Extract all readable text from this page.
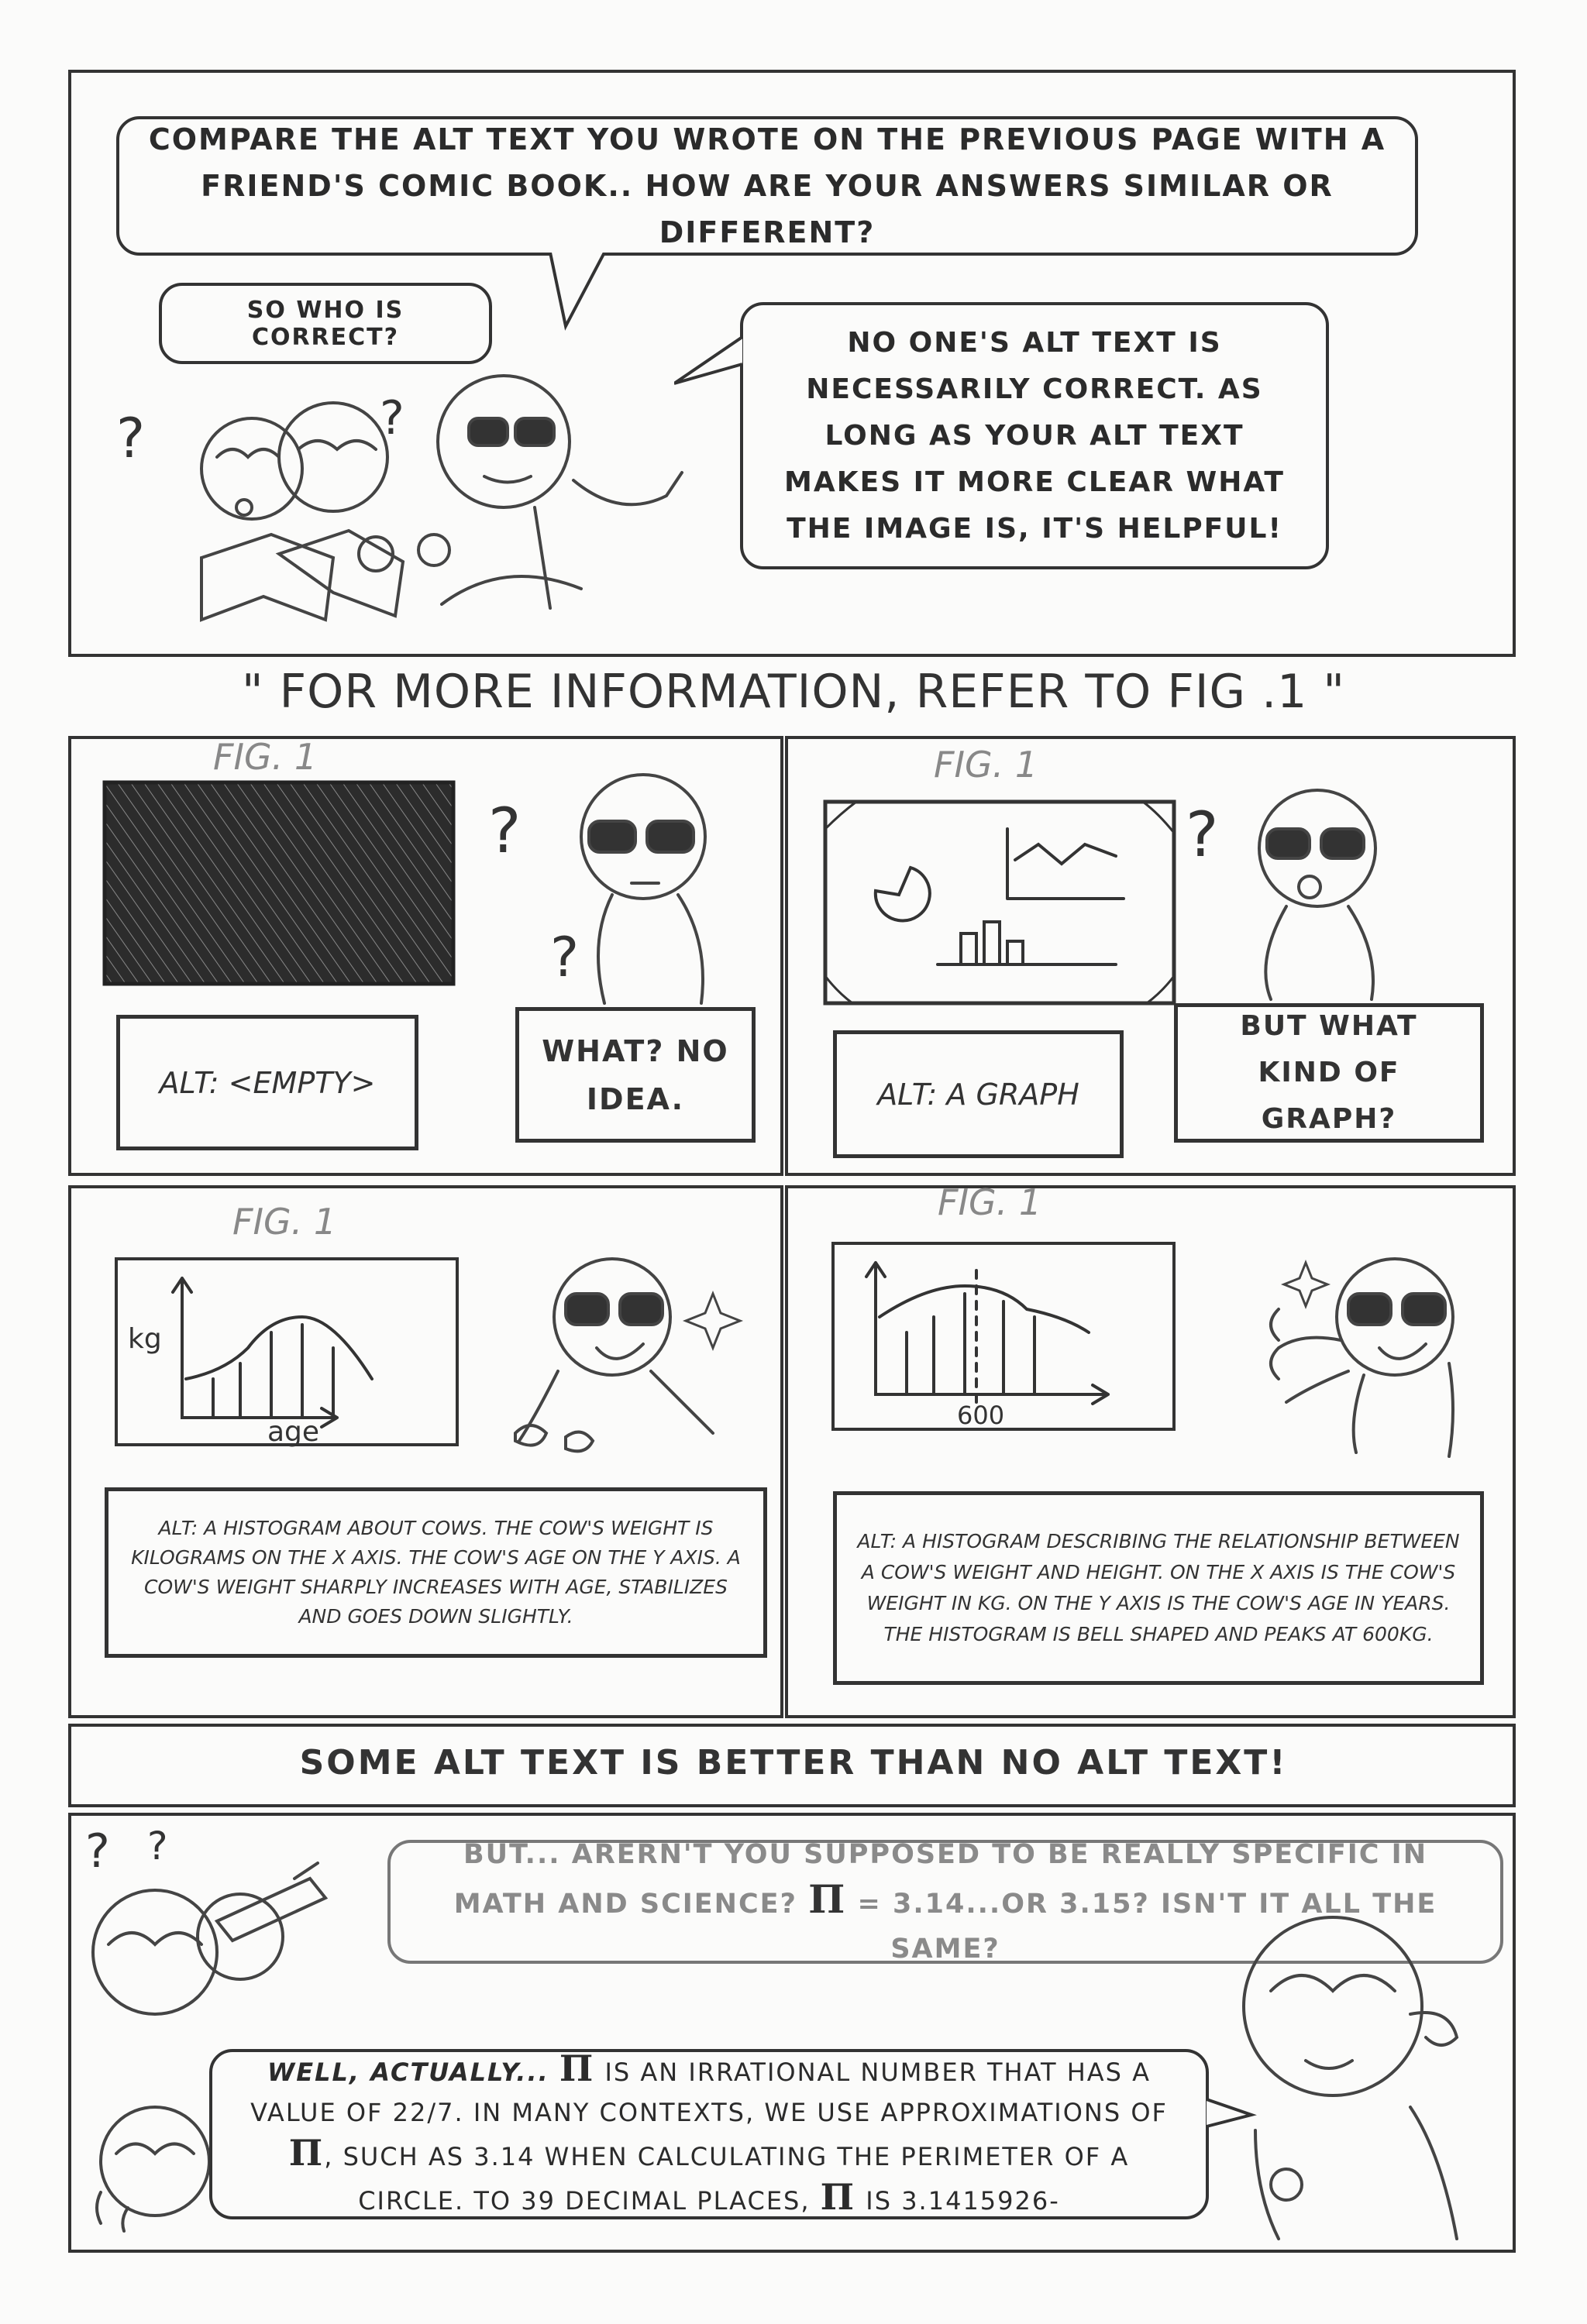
COMPARE THE ALT TEXT YOU WROTE ON THE PREVIOUS PAGE WITH A FRIEND'S COMIC BOOK.. HOW ARE YOUR ANSWERS SIMILAR OR DIFFERENT?
SO WHO IS CORRECT?	NO ONE'S ALT TEXT IS NECESSARILY CORRECT. AS LONG AS YOUR ALT TEXT MAKES IT MORE CLEAR WHAT THE IMAGE IS, IT'S HELPFUL!
?	?
" FOR MORE INFORMATION, REFER TO FIG .1 "
FIG. 1
?
?
ALT: <EMPTY>
WHAT? NO IDEA.
FIG. 1
?
ALT: A GRAPH
BUT WHAT KIND OF GRAPH?
FIG. 1
kg
age
ALT: A HISTOGRAM ABOUT COWS. THE COW'S WEIGHT IS KILOGRAMS ON THE X AXIS. THE COW'S AGE ON THE Y AXIS. A COW'S WEIGHT SHARPLY INCREASES WITH AGE, STABILIZES AND GOES DOWN SLIGHTLY.
FIG. 1
600
ALT: A HISTOGRAM DESCRIBING THE RELATIONSHIP BETWEEN A COW'S WEIGHT AND HEIGHT. ON THE X AXIS IS THE COW'S WEIGHT IN KG. ON THE Y AXIS IS THE COW'S AGE IN YEARS. THE HISTOGRAM IS BELL SHAPED AND PEAKS AT 600KG.
SOME ALT TEXT IS BETTER THAN NO ALT TEXT!
? ?	BUT... ARERN'T YOU SUPPOSED TO BE REALLY SPECIFIC IN MATH AND SCIENCE? Π = 3.14...OR 3.15? ISN'T IT ALL THE SAME?
WELL, ACTUALLY... Π IS AN IRRATIONAL NUMBER THAT HAS A VALUE OF 22/7. IN MANY CONTEXTS, WE USE APPROXIMATIONS OF Π, SUCH AS 3.14 WHEN CALCULATING THE PERIMETER OF A CIRCLE. TO 39 DECIMAL PLACES, Π IS 3.1415926-
